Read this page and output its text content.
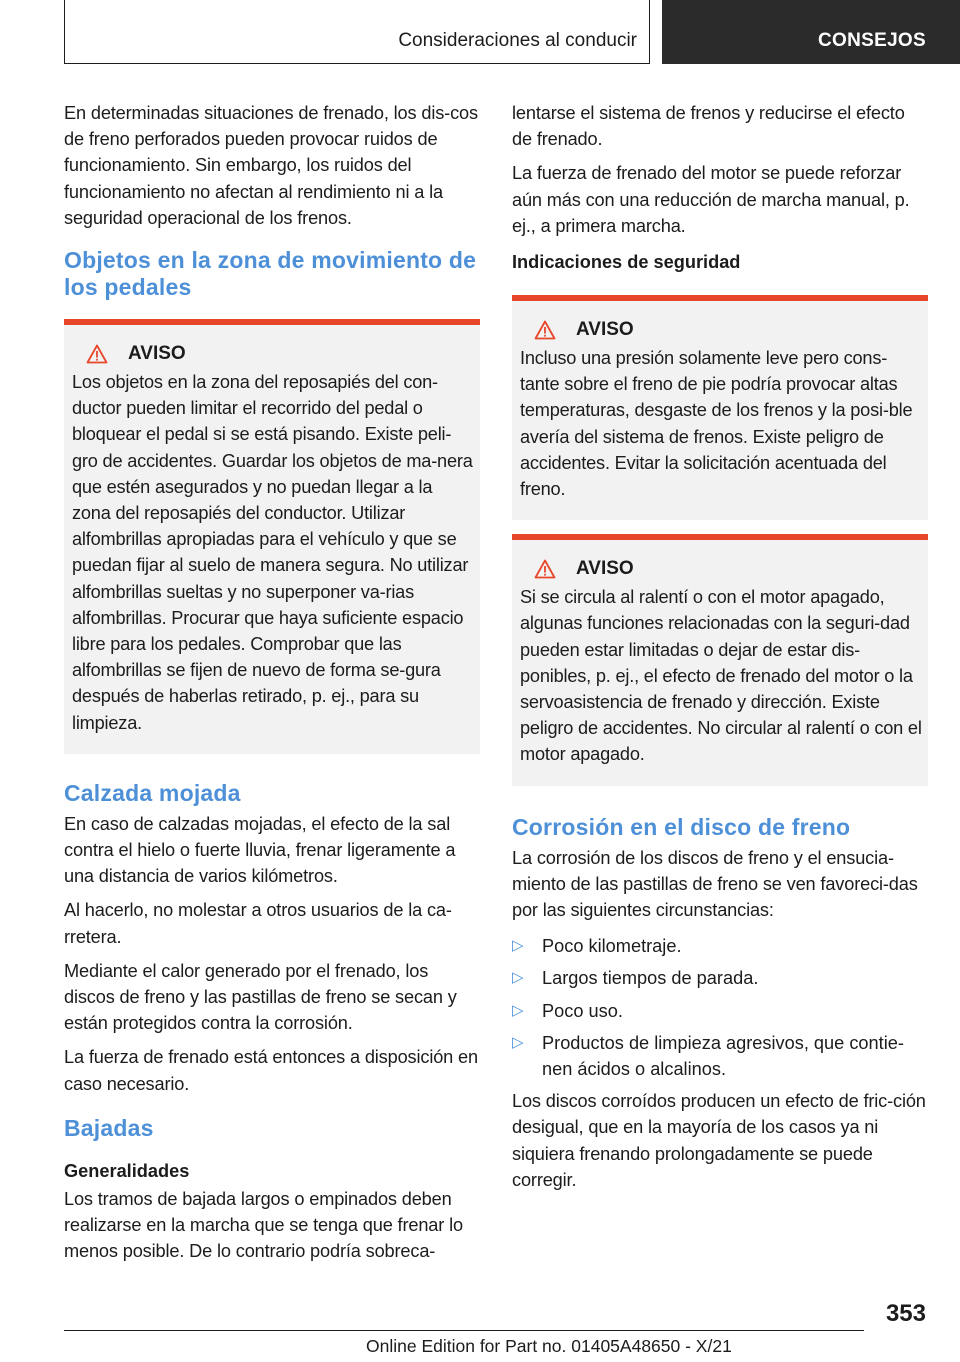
Consideraciones al conducir	CONSEJOS

En determinadas situaciones de frenado, los dis-cos de freno perforados pueden provocar ruidos de funcionamiento. Sin embargo, los ruidos del funcionamiento no afectan al rendimiento ni a la seguridad operacional de los frenos.

Objetos en la zona de movimiento de los pedales
AVISO

Los objetos en la zona del reposapiés del con-ductor pueden limitar el recorrido del pedal o bloquear el pedal si se está pisando. Existe peli-gro de accidentes. Guardar los objetos de ma-nera que estén asegurados y no puedan llegar a la zona del reposapiés del conductor. Utilizar alfombrillas apropiadas para el vehículo y que se puedan fijar al suelo de manera segura. No utilizar alfombrillas sueltas y no superponer va-rias alfombrillas. Procurar que haya suficiente espacio libre para los pedales. Comprobar que las alfombrillas se fijen de nuevo de forma se-gura después de haberlas retirado, p. ej., para su limpieza.

Calzada mojada

En caso de calzadas mojadas, el efecto de la sal contra el hielo o fuerte lluvia, frenar ligeramente a una distancia de varios kilómetros.

Al hacerlo, no molestar a otros usuarios de la ca-rretera.

Mediante el calor generado por el frenado, los discos de freno y las pastillas de freno se secan y están protegidos contra la corrosión.

La fuerza de frenado está entonces a disposición en caso necesario.

Bajadas
Generalidades

Los tramos de bajada largos o empinados deben realizarse en la marcha que se tenga que frenar lo menos posible. De lo contrario podría sobreca-

lentarse el sistema de frenos y reducirse el efecto de frenado.

La fuerza de frenado del motor se puede reforzar aún más con una reducción de marcha manual, p. ej., a primera marcha.

Indicaciones de seguridad
AVISO

Incluso una presión solamente leve pero cons-tante sobre el freno de pie podría provocar altas temperaturas, desgaste de los frenos y la posi-ble avería del sistema de frenos. Existe peligro de accidentes. Evitar la solicitación acentuada del freno.

AVISO

Si se circula al ralentí o con el motor apagado, algunas funciones relacionadas con la seguri-dad pueden estar limitadas o dejar de estar dis-ponibles, p. ej., el efecto de frenado del motor o la servoasistencia de frenado y dirección. Existe peligro de accidentes. No circular al ralentí o con el motor apagado.

Corrosión en el disco de freno

La corrosión de los discos de freno y el ensucia-miento de las pastillas de freno se ven favoreci-das por las siguientes circunstancias:

▷ Poco kilometraje.
▷ Largos tiempos de parada.
▷ Poco uso.
▷ Productos de limpieza agresivos, que contie-nen ácidos o alcalinos.

Los discos corroídos producen un efecto de fric-ción desigual, que en la mayoría de los casos ya ni siquiera frenando prolongadamente se puede corregir.

353
Online Edition for Part no. 01405A48650 - X/21
